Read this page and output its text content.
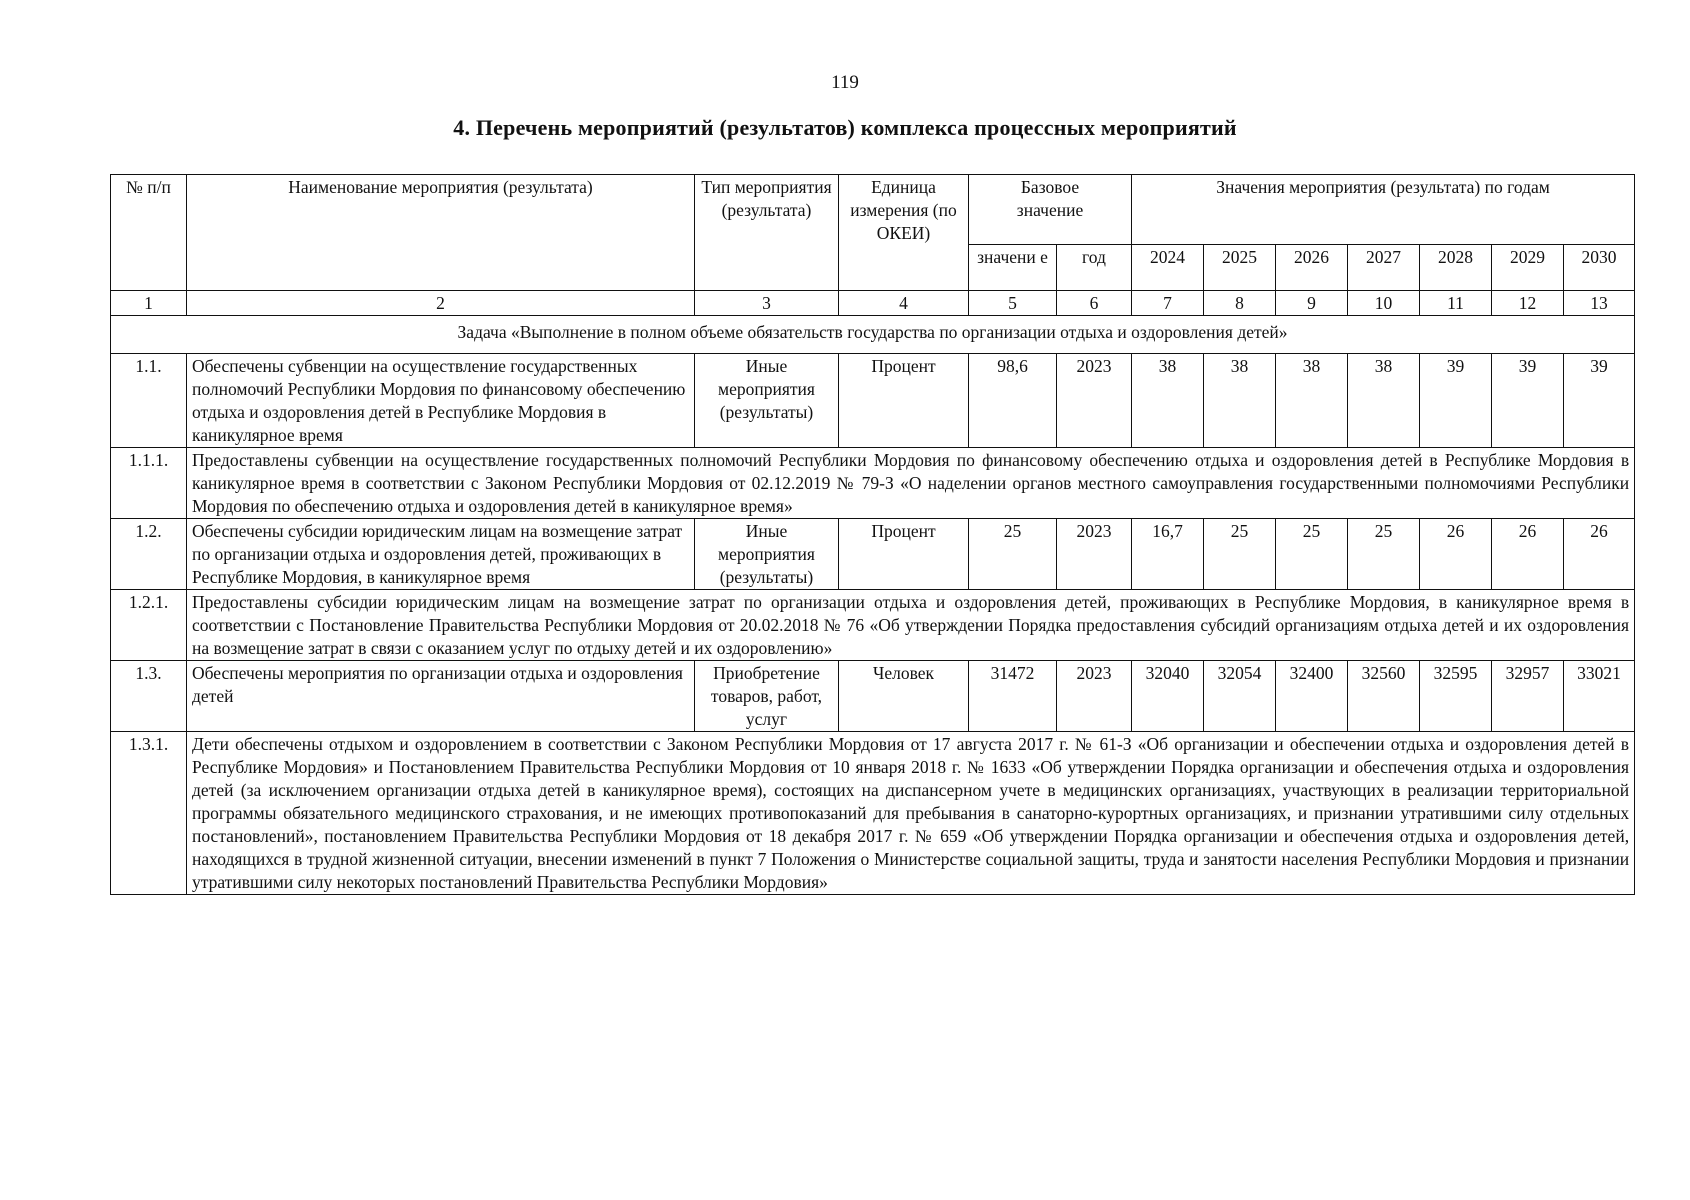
119
4. Перечень мероприятий (результатов) комплекса процессных мероприятий
№ п/п	Наименование мероприятия (результата)	Тип мероприятия (результата)	Единица измерения (по ОКЕИ)	Базовое значение		Значения мероприятия (результата) по годам						
				значени е	год	2024	2025	2026	2027	2028	2029	2030
1	2	3	4	5	6	7	8	9	10	11	12	13
Задача «Выполнение в полном объеме обязательств государства по организации отдыха и оздоровления детей»												
1.1.	Обеспечены субвенции на осуществление государственных полномочий Республики Мордовия по финансовому обеспечению отдыха и оздоровления детей в Республике Мордовия в каникулярное время	Иные мероприятия (результаты)	Процент	98,6	2023	38	38	38	38	39	39	39
1.1.1.	Предоставлены субвенции на осуществление государственных полномочий Республики Мордовия по финансовому обеспечению отдыха и оздоровления детей в Республике Мордовия в каникулярное время в соответствии с Законом Республики Мордовия от 02.12.2019 № 79-З «О наделении органов местного самоуправления государственными полномочиями Республики Мордовия по обеспечению отдыха и оздоровления детей в каникулярное время»											
1.2.	Обеспечены субсидии юридическим лицам на возмещение затрат по организации отдыха и оздоровления детей, проживающих в Республике Мордовия, в каникулярное время	Иные мероприятия (результаты)	Процент	25	2023	16,7	25	25	25	26	26	26
1.2.1.	Предоставлены субсидии юридическим лицам на возмещение затрат по организации отдыха и оздоровления детей, проживающих в Республике Мордовия, в каникулярное время в соответствии с Постановление Правительства Республики Мордовия от 20.02.2018 № 76 «Об утверждении Порядка предоставления субсидий организациям отдыха детей и их оздоровления на возмещение затрат в связи с оказанием услуг по отдыху детей и их оздоровлению»											
1.3.	Обеспечены мероприятия по организации отдыха и оздоровления детей	Приобретение товаров, работ, услуг	Человек	31472	2023	32040	32054	32400	32560	32595	32957	33021
1.3.1.	Дети обеспечены отдыхом и оздоровлением в соответствии с Законом Республики Мордовия от 17 августа 2017 г. № 61-З «Об организации и обеспечении отдыха и оздоровления детей в Республике Мордовия» и Постановлением Правительства Республики Мордовия от 10 января 2018 г. № 1633 «Об утверждении Порядка организации и обеспечения отдыха и оздоровления детей (за исключением организации отдыха детей в каникулярное время), состоящих на диспансерном учете в медицинских организациях, участвующих в реализации территориальной программы обязательного медицинского страхования, и не имеющих противопоказаний для пребывания в санаторно-курортных организациях, и признании утратившими силу отдельных постановлений», постановлением Правительства Республики Мордовия от 18 декабря 2017 г. № 659 «Об утверждении Порядка организации и обеспечения отдыха и оздоровления детей, находящихся в трудной жизненной ситуации, внесении изменений в пункт 7 Положения о Министерстве социальной защиты, труда и занятости населения Республики Мордовия и признании утратившими силу некоторых постановлений Правительства Республики Мордовия»											
